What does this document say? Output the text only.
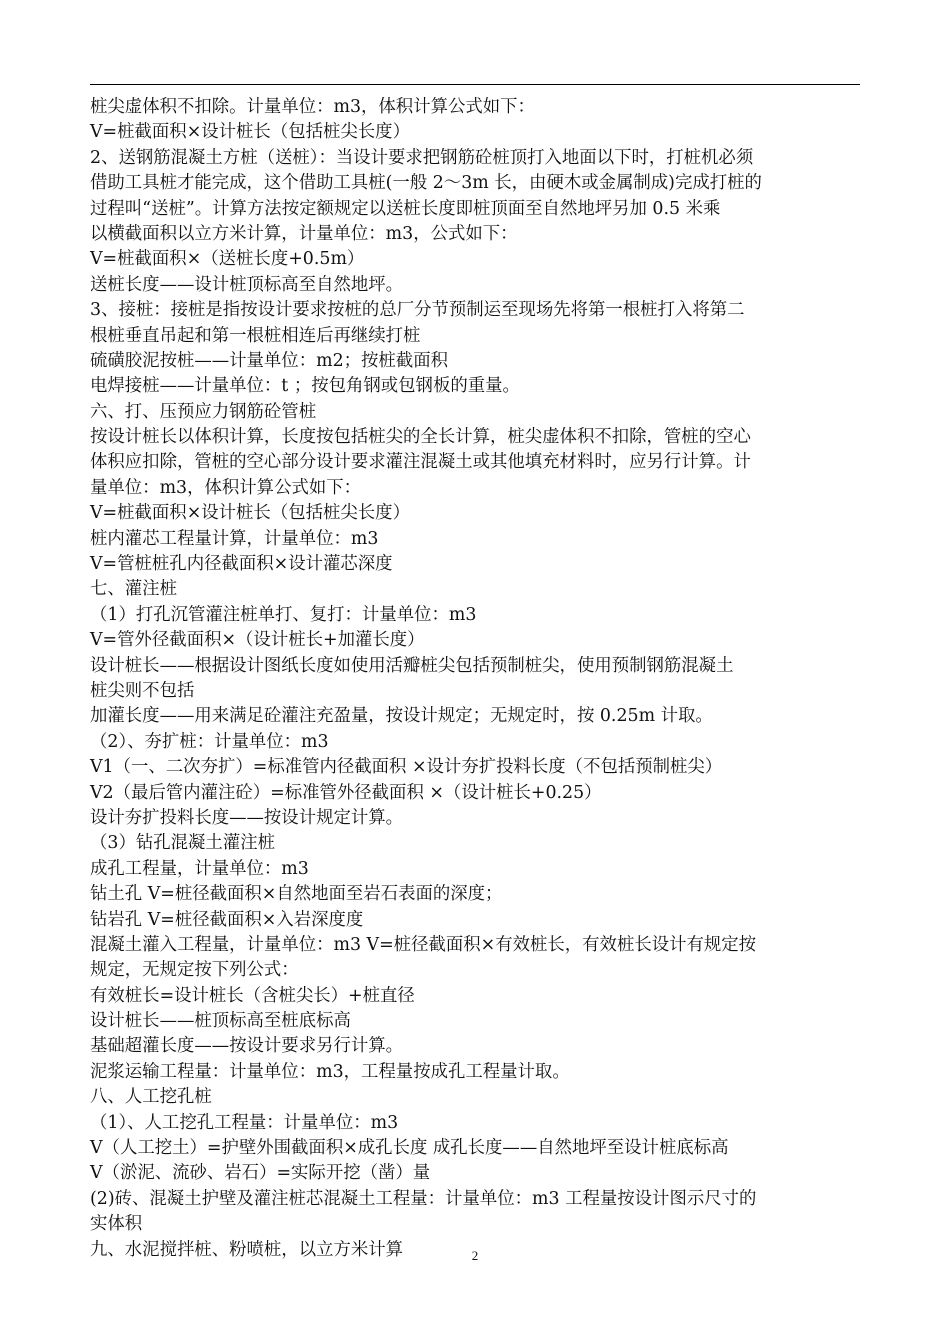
桩尖虚体积不扣除。计量单位：m3，体积计算公式如下：
V=桩截面积×设计桩长（包括桩尖长度）
2、送钢筋混凝土方桩（送桩）：当设计要求把钢筋砼桩顶打入地面以下时，打桩机必须
借助工具桩才能完成，这个借助工具桩(一般 2～3m 长，由硬木或金属制成)完成打桩的
过程叫“送桩”。计算方法按定额规定以送桩长度即桩顶面至自然地坪另加 0.5 米乘
以横截面积以立方米计算，计量单位：m3，公式如下：
V=桩截面积×（送桩长度+0.5m）
送桩长度——设计桩顶标高至自然地坪。
3、接桩：接桩是指按设计要求按桩的总厂分节预制运至现场先将第一根桩打入将第二
根桩垂直吊起和第一根桩相连后再继续打桩
硫磺胶泥按桩——计量单位：m2；按桩截面积
电焊接桩——计量单位：t ；按包角钢或包钢板的重量。
六、打、压预应力钢筋砼管桩
按设计桩长以体积计算，长度按包括桩尖的全长计算，桩尖虚体积不扣除，管桩的空心
体积应扣除，管桩的空心部分设计要求灌注混凝土或其他填充材料时，应另行计算。计
量单位：m3，体积计算公式如下：
V=桩截面积×设计桩长（包括桩尖长度）
桩内灌芯工程量计算，计量单位：m3
V=管桩桩孔内径截面积×设计灌芯深度
七、灌注桩
（1）打孔沉管灌注桩单打、复打：计量单位：m3
V=管外径截面积×（设计桩长+加灌长度）
设计桩长——根据设计图纸长度如使用活瓣桩尖包括预制桩尖，使用预制钢筋混凝土
桩尖则不包括
加灌长度——用来满足砼灌注充盈量，按设计规定；无规定时，按 0.25m 计取。
（2）、夯扩桩：计量单位：m3
V1（一、二次夯扩）=标准管内径截面积 ×设计夯扩投料长度（不包括预制桩尖）
V2（最后管内灌注砼）=标准管外径截面积 ×（设计桩长+0.25）
设计夯扩投料长度——按设计规定计算。
（3）钻孔混凝土灌注桩
成孔工程量，计量单位：m3
钻土孔 V=桩径截面积×自然地面至岩石表面的深度；
钻岩孔 V=桩径截面积×入岩深度度
混凝土灌入工程量，计量单位：m3 V=桩径截面积×有效桩长，有效桩长设计有规定按
规定，无规定按下列公式：
有效桩长=设计桩长（含桩尖长）+桩直径
设计桩长——桩顶标高至桩底标高
基础超灌长度——按设计要求另行计算。
泥浆运输工程量：计量单位：m3，工程量按成孔工程量计取。
八、人工挖孔桩
（1）、人工挖孔工程量：计量单位：m3
V（人工挖土）=护壁外围截面积×成孔长度 成孔长度——自然地坪至设计桩底标高
V（淤泥、流砂、岩石）=实际开挖（凿）量
(2)砖、混凝土护壁及灌注桩芯混凝土工程量：计量单位：m3 工程量按设计图示尺寸的
实体积
九、水泥搅拌桩、粉喷桩，以立方米计算	2
